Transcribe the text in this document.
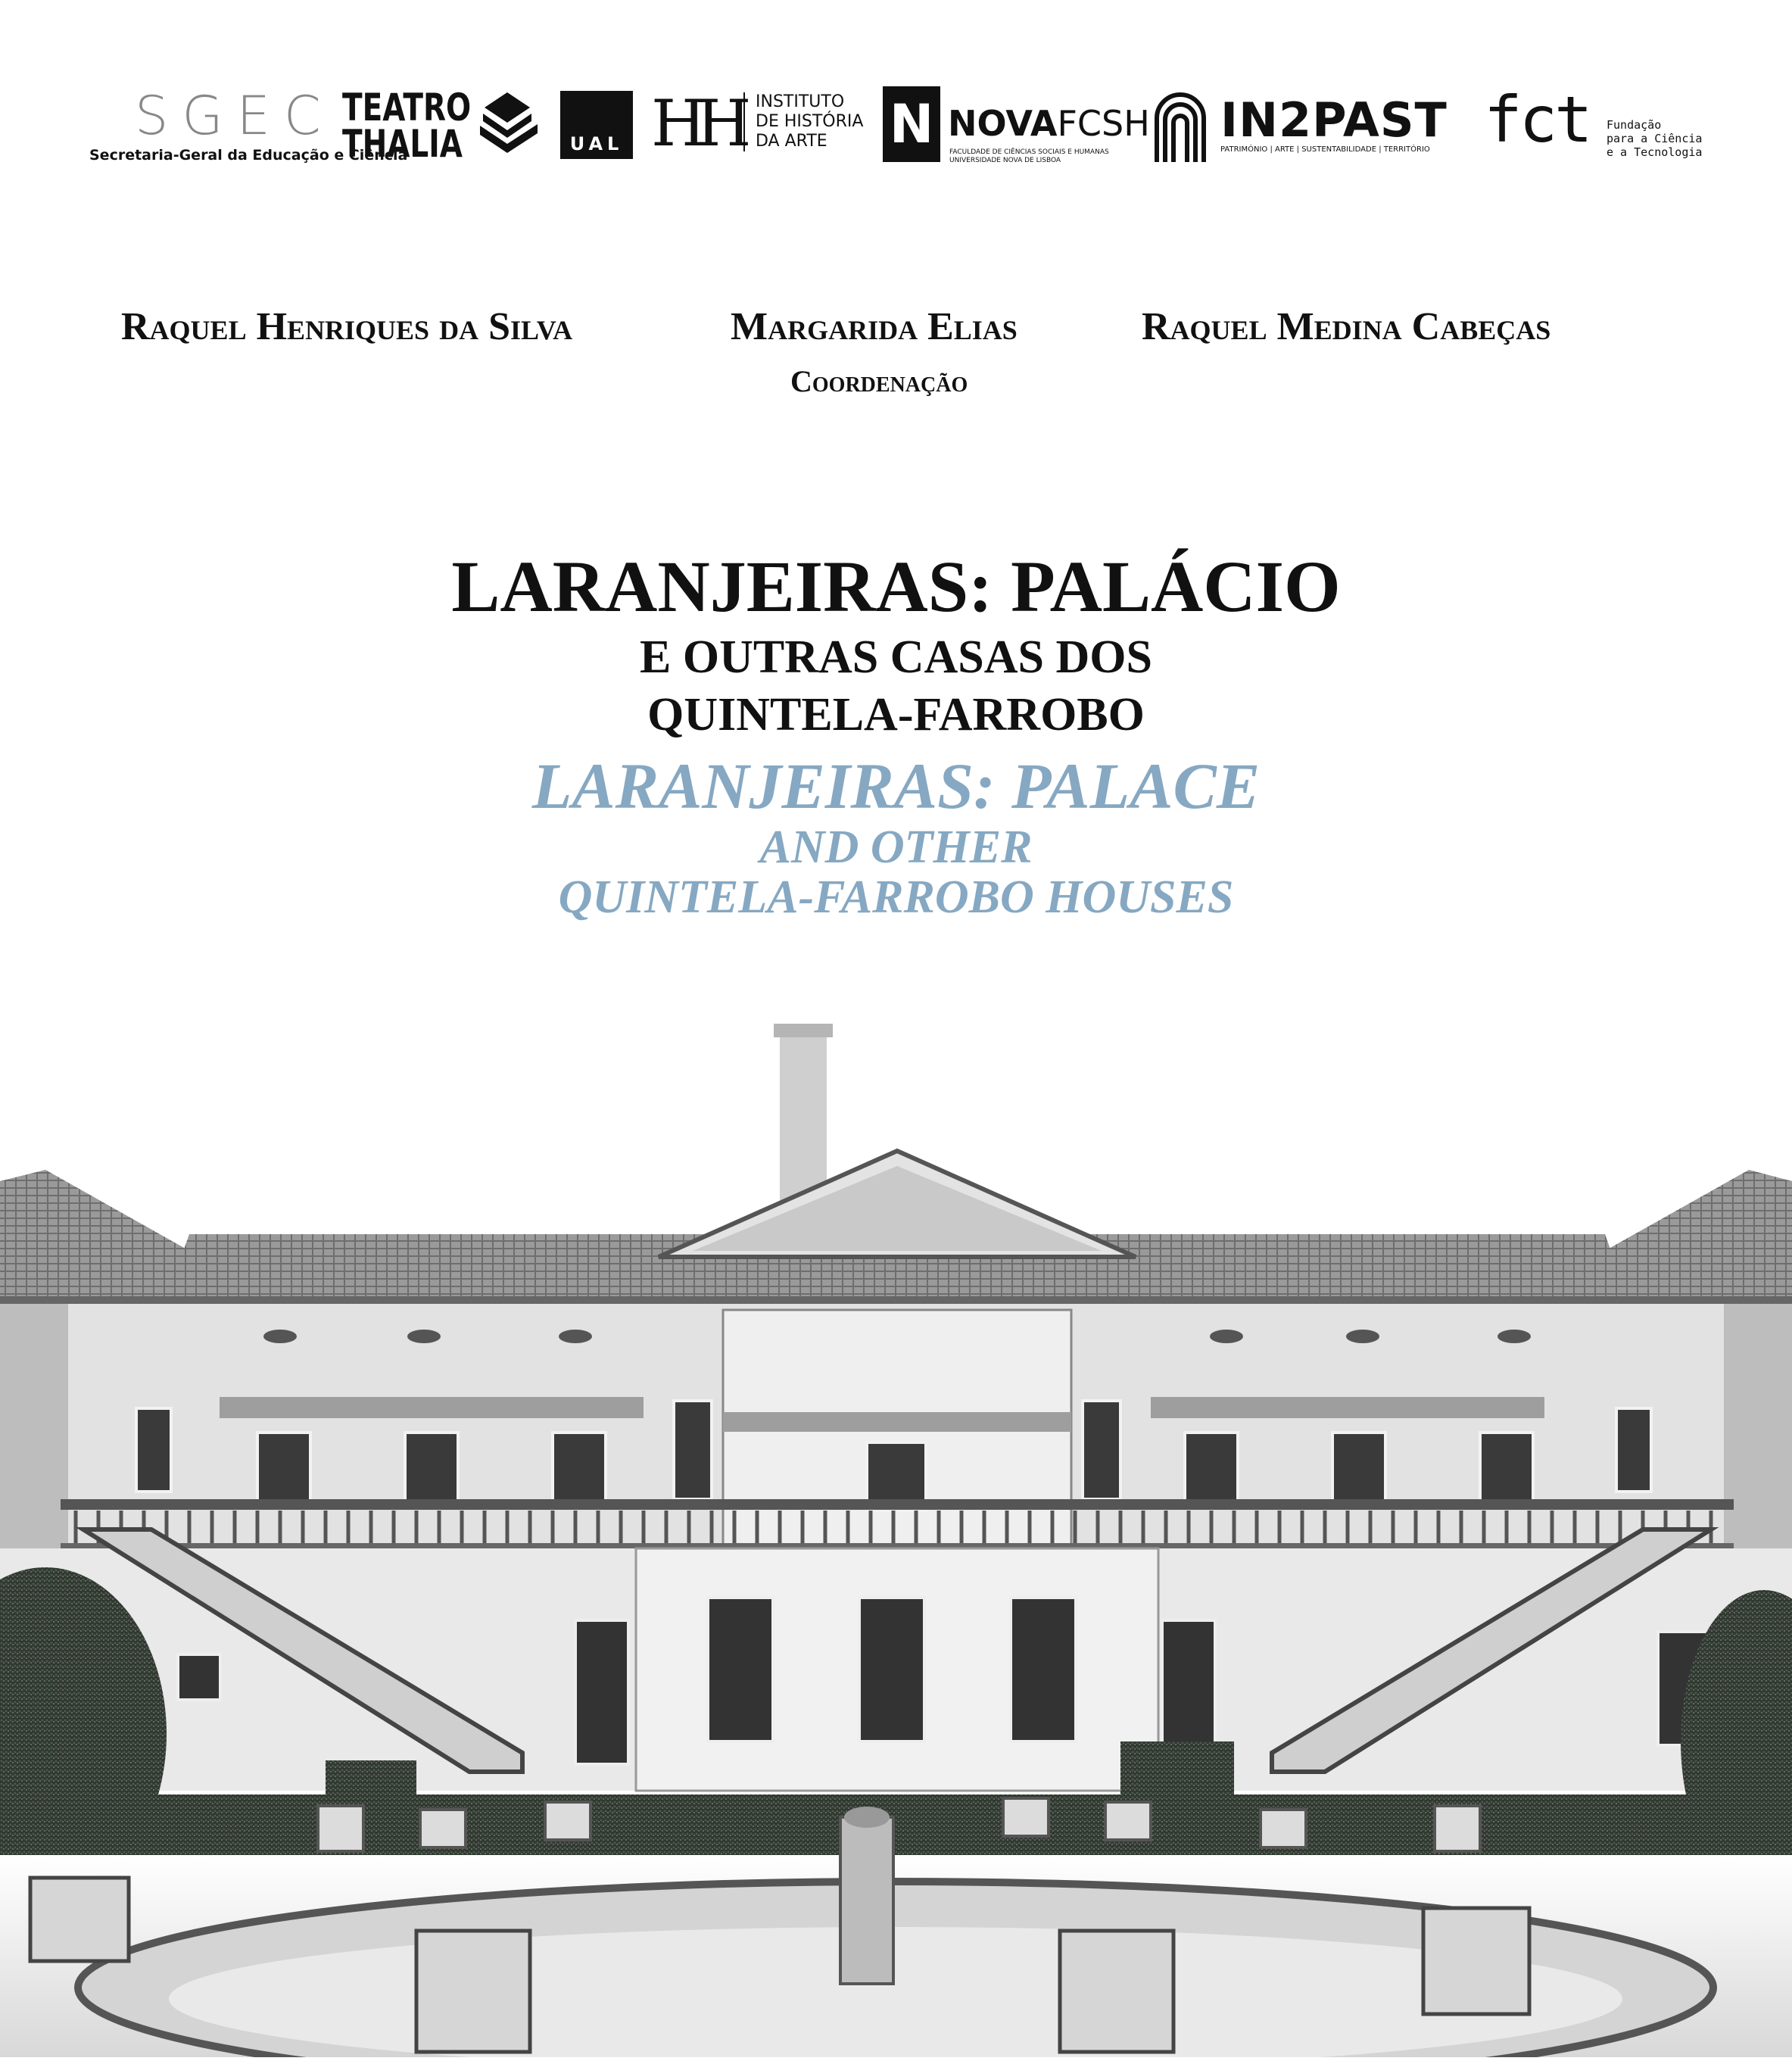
SGEC
Secretaria-Geral da Educação e Ciência
TEATRO
THALIA	UAL HH INSTITUTO
DE HISTÓRIA
DA ARTE	N NOVAFCSH
FACULDADE DE CIÊNCIAS SOCIAIS E HUMANAS
UNIVERSIDADE NOVA DE LISBOA
IN2PAST
PATRIMÓNIO | ARTE | SUSTENTABILIDADE | TERRITÓRIO fct Fundação
para a Ciência
e a Tecnologia
Raquel Henriques da Silva	Margarida Elias	Raquel Medina Cabeças
Coordenação
LARANJEIRAS: PALÁCIO
E OUTRAS CASAS DOS
QUINTELA-FARROBO
LARANJEIRAS: PALACE
AND OTHER
QUINTELA-FARROBO HOUSES
